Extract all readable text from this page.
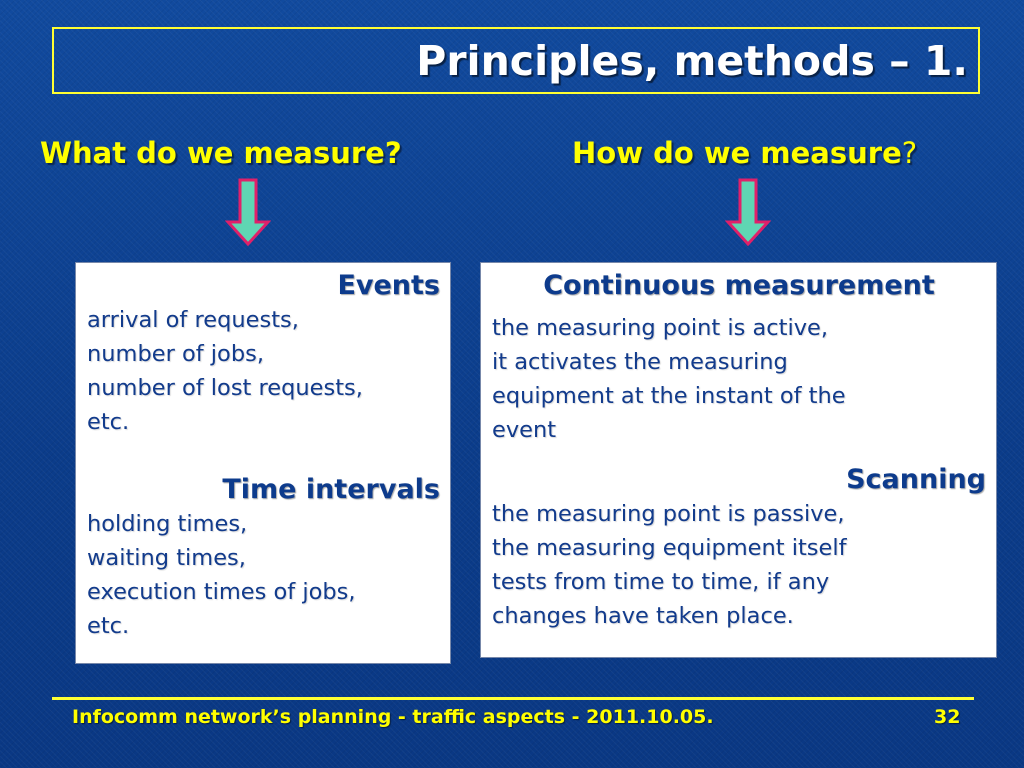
Principles, methods – 1.
What do we measure?	How do we measure?
Events
arrival of requests,
number of jobs,
number of lost requests,
etc.
Time intervals
holding times,
waiting times,
execution times of jobs,
etc.
Continuous measurement
the measuring point is active,
it activates the measuring
equipment at the instant of the
event
Scanning
the measuring point is passive,
the measuring equipment itself
tests from time to time, if any
changes have taken place.
Infocomm network’s planning - traffic aspects - 2011.10.05.	32
